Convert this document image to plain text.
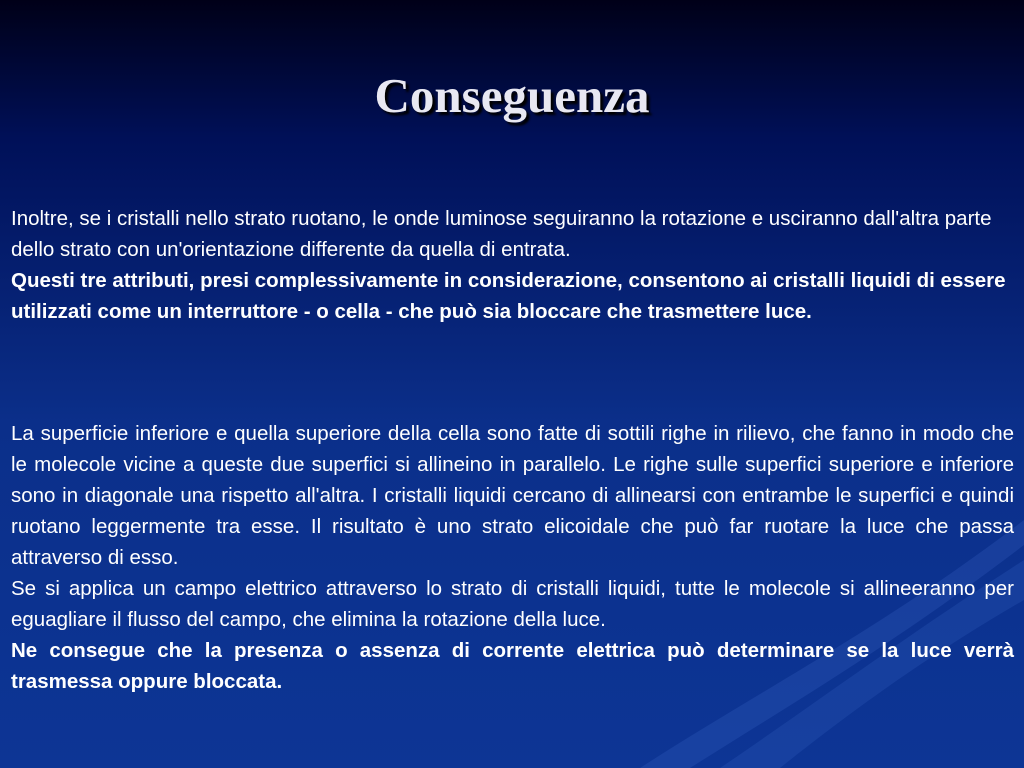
Conseguenza
Inoltre, se i cristalli nello strato ruotano, le onde luminose seguiranno la rotazione e usciranno dall'altra parte dello strato con un'orientazione differente da quella di entrata.
Questi tre attributi, presi complessivamente in considerazione, consentono ai cristalli liquidi di essere utilizzati come un interruttore - o cella - che può sia bloccare che trasmettere luce.
La superficie inferiore e quella superiore della cella sono fatte di sottili righe in rilievo, che fanno in modo che le molecole vicine a queste due superfici si allineino in parallelo. Le righe sulle superfici superiore e inferiore sono in diagonale una rispetto all'altra. I cristalli liquidi cercano di allinearsi con entrambe le superfici e quindi ruotano leggermente tra esse. Il risultato è uno strato elicoidale che può far ruotare la luce che passa attraverso di esso.
Se si applica un campo elettrico attraverso lo strato di cristalli liquidi, tutte le molecole si allineeranno per eguagliare il flusso del campo, che elimina la rotazione della luce.
Ne consegue che la presenza o assenza di corrente elettrica può determinare se la luce verrà trasmessa oppure bloccata.
